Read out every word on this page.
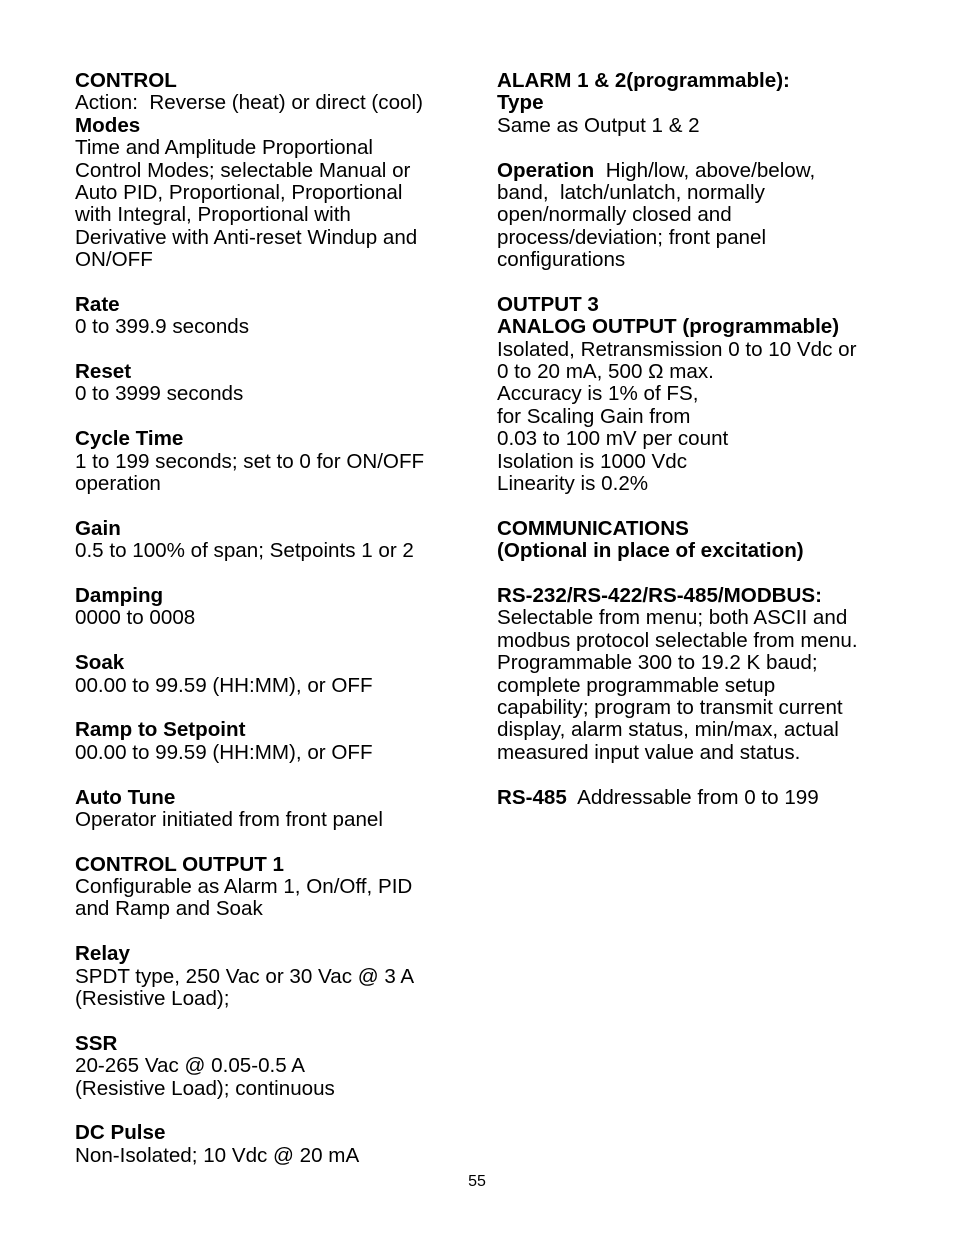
CONTROL
Action:  Reverse (heat) or direct (cool)
Modes
Time and Amplitude Proportional
Control Modes; selectable Manual or
Auto PID, Proportional, Proportional
with Integral, Proportional with
Derivative with Anti-reset Windup and
ON/OFF
Rate
0 to 399.9 seconds
Reset
0 to 3999 seconds
Cycle Time
1 to 199 seconds; set to 0 for ON/OFF
operation
Gain
0.5 to 100% of span; Setpoints 1 or 2
Damping
0000 to 0008
Soak
00.00 to 99.59 (HH:MM), or OFF
Ramp to Setpoint
00.00 to 99.59 (HH:MM), or OFF
Auto Tune
Operator initiated from front panel
CONTROL OUTPUT 1
Configurable as Alarm 1, On/Off, PID
and Ramp and Soak
Relay
SPDT type, 250 Vac or 30 Vac @ 3 A
(Resistive Load);
SSR
20-265 Vac @ 0.05-0.5 A
(Resistive Load); continuous
DC Pulse
Non-Isolated; 10 Vdc @ 20 mA
ALARM 1 & 2(programmable):
Type
Same as Output 1 & 2
Operation  High/low, above/below,
band,  latch/unlatch, normally
open/normally closed and
process/deviation; front panel
configurations
OUTPUT 3
ANALOG OUTPUT (programmable)
Isolated, Retransmission 0 to 10 Vdc or
0 to 20 mA, 500 Ω max.
Accuracy is 1% of FS,
for Scaling Gain from
0.03 to 100 mV per count
Isolation is 1000 Vdc
Linearity is 0.2%
COMMUNICATIONS
(Optional in place of excitation)
RS-232/RS-422/RS-485/MODBUS:
Selectable from menu; both ASCII and
modbus protocol selectable from menu.
Programmable 300 to 19.2 K baud;
complete programmable setup
capability; program to transmit current
display, alarm status, min/max, actual
measured input value and status.
RS-485  Addressable from 0 to 199
55
